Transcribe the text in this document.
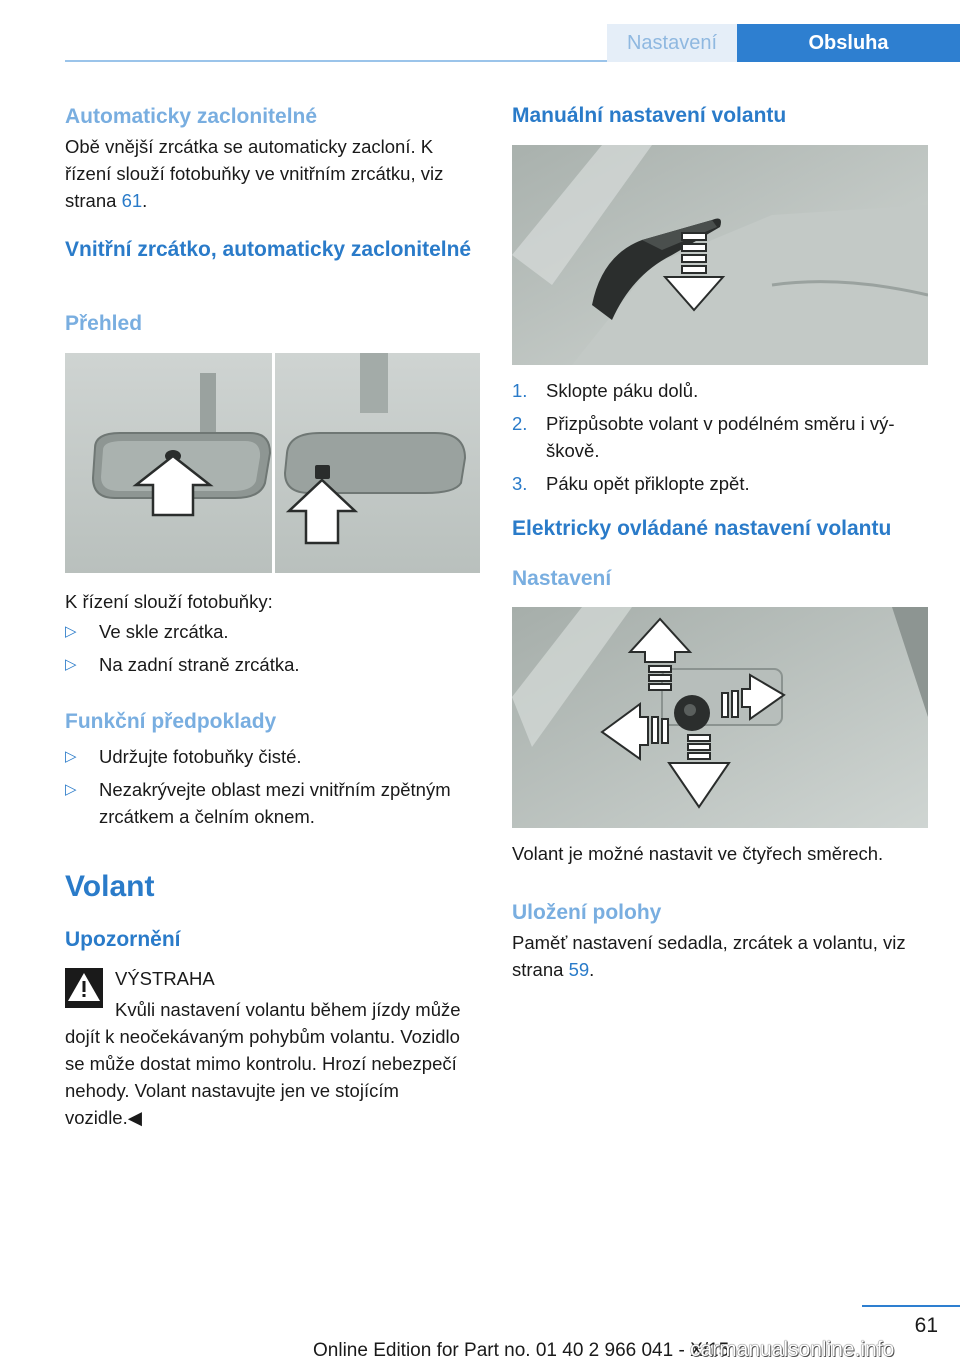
Nastavení	Obsluha
Automaticky zaclonitelné

Obě vnější zrcátka se automaticky zacloní. K řízení slouží fotobuňky ve vnitřním zrcátku, viz strana 61.

Vnitřní zrcátko, automaticky zaclonitelné
Přehled

K řízení slouží fotobuňky:

▷ Ve skle zrcátka.
▷ Na zadní straně zrcátka.
Funkční předpoklady
▷ Udržujte fotobuňky čisté.
▷ Nezakrývejte oblast mezi vnitřním zpětným zrcátkem a čelním oknem.
Volant
Upozornění

VÝSTRAHA

Kvůli nastavení volantu během jízdy může dojít k neočekávaným pohybům volantu. Vozidlo se může dostat mimo kontrolu. Hrozí nebezpečí nehody. Volant nastavujte jen ve stojícím vozidle.◀

Manuální nastavení volantu
1. Sklopte páku dolů.
2. Přizpůsobte volant v podélném směru i vý‐škově.
3. Páku opět přiklopte zpět.
Elektricky ovládané nastavení volantu
Nastavení

Volant je možné nastavit ve čtyřech směrech.

Uložení polohy

Paměť nastavení sedadla, zrcátek a volantu, viz strana 59.

61
Online Edition for Part no. 01 40 2 966 041 - X/15
carmanualsonline.info
